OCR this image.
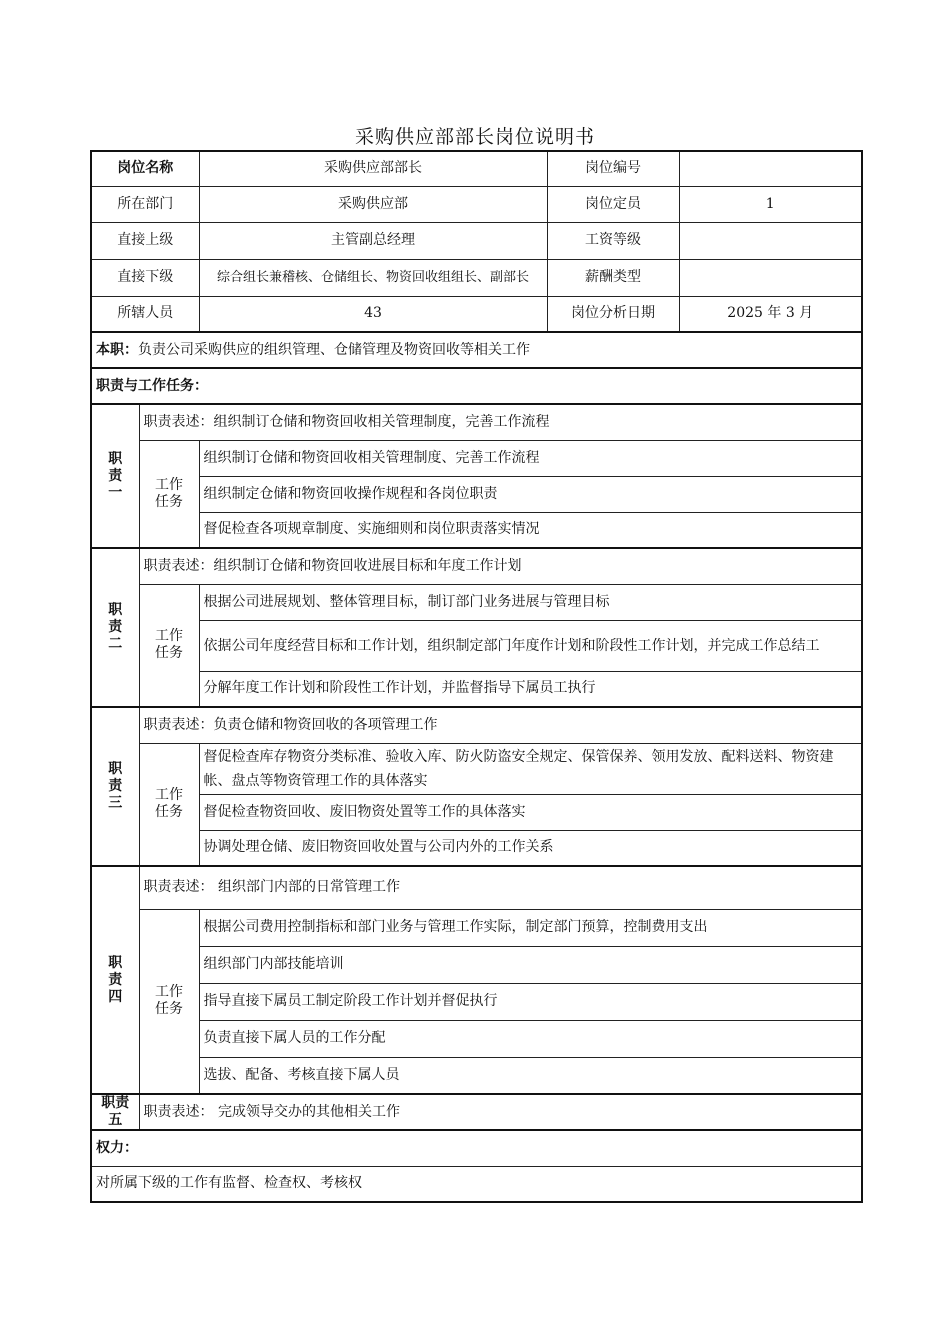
采购供应部部长岗位说明书
岗位名称		采购供应部部长	岗位编号	
所在部门		采购供应部	岗位定员	1
直接上级		主管副总经理	工资等级	
直接下级		综合组长兼稽核、仓储组长、物资回收组组长、副部长	薪酬类型	
所辖人员		43	岗位分析日期	2025 年 3 月
本职：负责公司采购供应的组织管理、仓储管理及物资回收等相关工作				
职责与工作任务：				

职
责
一	职责表述：组织制订仓储和物资回收相关管理制度，完善工作流程			

	工作
任务	组织制订仓储和物资回收相关管理制度、完善工作流程		
		组织制定仓储和物资回收操作规程和各岗位职责		
		督促检查各项规章制度、实施细则和岗位职责落实情况		

职
责
二	职责表述：组织制订仓储和物资回收进展目标和年度工作计划			

	工作
任务	根据公司进展规划、整体管理目标，制订部门业务进展与管理目标		
		依据公司年度经营目标和工作计划，组织制定部门年度作计划和阶段性工作计划，并完成工作总结工		
		分解年度工作计划和阶段性工作计划，并监督指导下属员工执行		

职
责
三	职责表述：负责仓储和物资回收的各项管理工作			

	工作
任务	督促检查库存物资分类标准、验收入库、防火防盗安全规定、保管保养、领用发放、配料送料、物资建帐、盘点等物资管理工作的具体落实		
		督促检查物资回收、废旧物资处置等工作的具体落实		
		协调处理仓储、废旧物资回收处置与公司内外的工作关系		

职
责
四	职责表述： 组织部门内部的日常管理工作			

	工作
任务	根据公司费用控制指标和部门业务与管理工作实际，制定部门预算，控制费用支出		
		组织部门内部技能培训		
		指导直接下属员工制定阶段工作计划并督促执行		
		负责直接下属人员的工作分配		
		选拔、配备、考核直接下属人员		

职责
五	职责表述： 完成领导交办的其他相关工作			
权力：				
对所属下级的工作有监督、检查权、考核权				
